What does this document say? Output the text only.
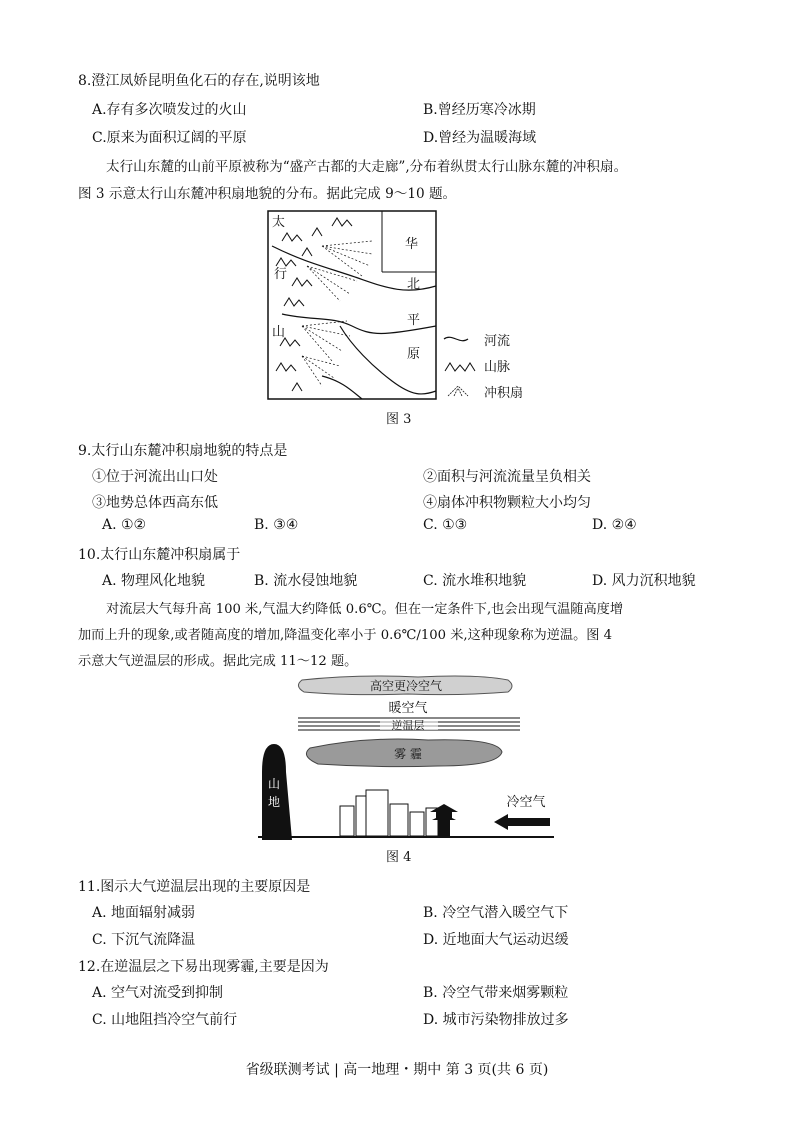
8.澄江凤娇昆明鱼化石的存在,说明该地
A.存有多次喷发过的火山	B.曾经历寒冷冰期
C.原来为面积辽阔的平原	D.曾经为温暖海域
太行山东麓的山前平原被称为“盛产古都的大走廊”,分布着纵贯太行山脉东麓的冲积扇。
图 3 示意太行山东麓冲积扇地貌的分布。据此完成 9～10 题。
太
行
山
华
北
平
原
河流
山脉
冲积扇
图 3
9.太行山东麓冲积扇地貌的特点是
①位于河流出山口处	②面积与河流流量呈负相关
③地势总体西高东低	④扇体冲积物颗粒大小均匀
A. ①②	B. ③④	C. ①③	D. ②④
10.太行山东麓冲积扇属于
A. 物理风化地貌	B. 流水侵蚀地貌	C. 流水堆积地貌	D. 风力沉积地貌
对流层大气每升高 100 米,气温大约降低 0.6℃。但在一定条件下,也会出现气温随高度增
加而上升的现象,或者随高度的增加,降温变化率小于 0.6℃/100 米,这种现象称为逆温。图 4
示意大气逆温层的形成。据此完成 11～12 题。
高空更冷空气
暖空气
逆温层
雾 霾
山
地	冷空气
图 4
11.图示大气逆温层出现的主要原因是
A. 地面辐射减弱	B. 冷空气潜入暖空气下
C. 下沉气流降温	D. 近地面大气运动迟缓
12.在逆温层之下易出现雾霾,主要是因为
A. 空气对流受到抑制	B. 冷空气带来烟雾颗粒
C. 山地阻挡冷空气前行	D. 城市污染物排放过多
省级联测考试 | 高一地理・期中 第 3 页(共 6 页)
